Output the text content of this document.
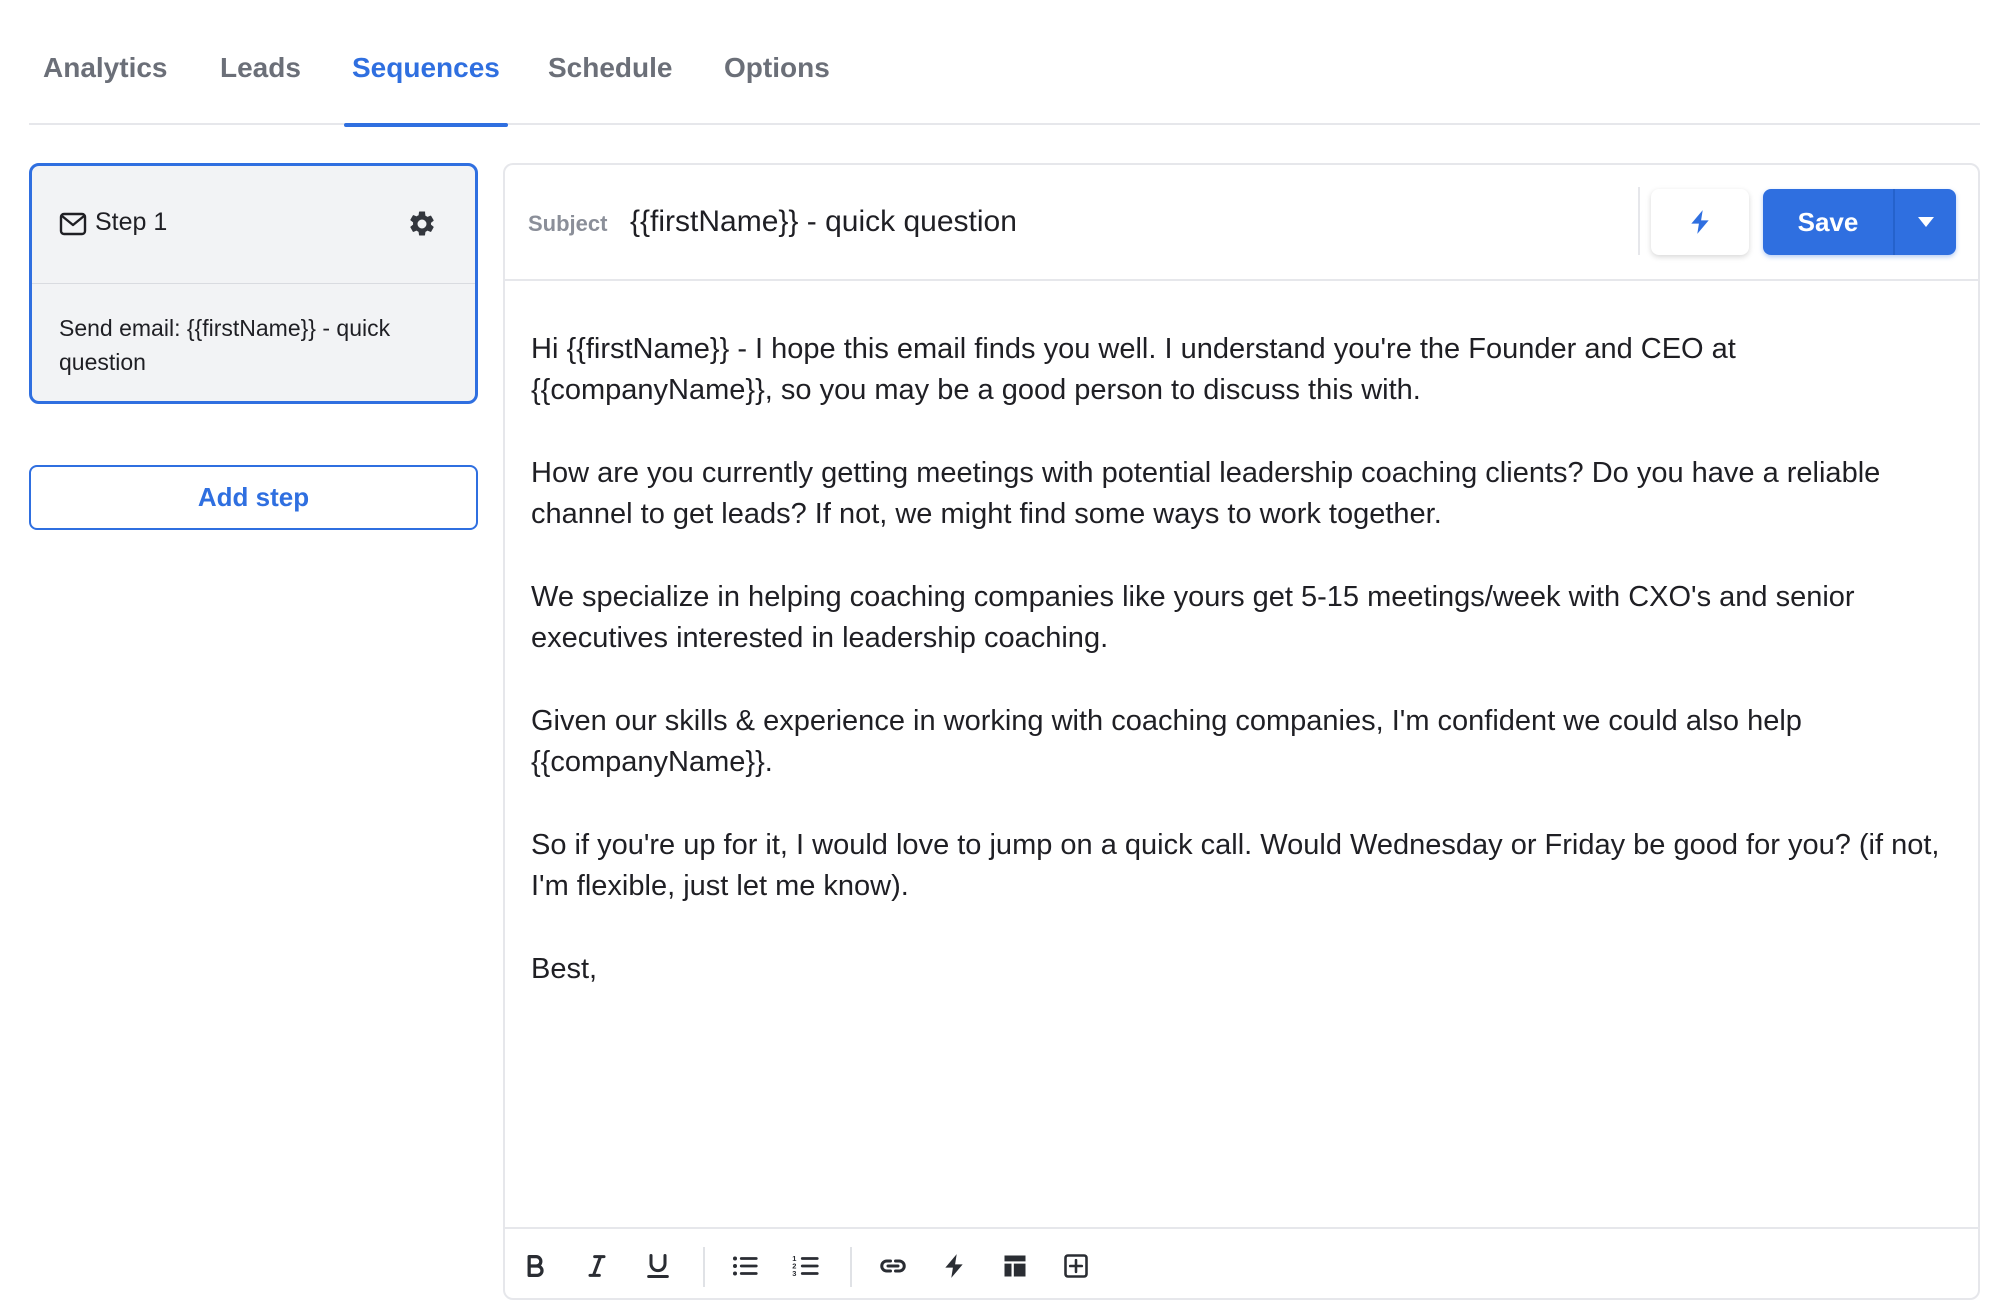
Analytics Leads Sequences Schedule Options
Step 1
Send email: {{firstName}} - quick question
Add step
Subject {{firstName}} - quick question	Save

Hi {{firstName}} - I hope this email finds you well. I understand you're the Founder and CEO at {{companyName}}, so you may be a good person to discuss this with.

How are you currently getting meetings with potential leadership coaching clients? Do you have a reliable channel to get leads? If not, we might find some ways to work together.

We specialize in helping coaching companies like yours get 5-15 meetings/week with CXO's and senior executives interested in leadership coaching.

Given our skills & experience in working with coaching companies, I'm confident we could also help {{companyName}}.

So if you're up for it, I would love to jump on a quick call. Would Wednesday or Friday be good for you? (if not, I'm flexible, just let me know).

Best,

1
2
3
